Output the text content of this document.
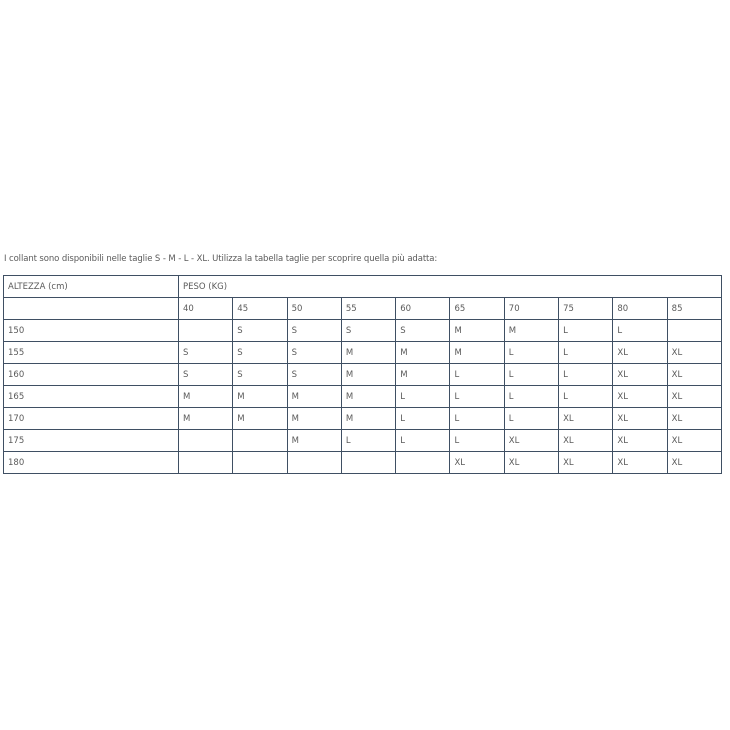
I collant sono disponibili nelle taglie S - M - L - XL. Utilizza la tabella taglie per scoprire quella più adatta:
ALTEZZA (cm)	PESO (KG)									
	40	45	50	55	60	65	70	75	80	85
150		S	S	S	S	M	M	L	L	
155	S	S	S	M	M	M	L	L	XL	XL
160	S	S	S	M	M	L	L	L	XL	XL
165	M	M	M	M	L	L	L	L	XL	XL
170	M	M	M	M	L	L	L	XL	XL	XL
175			M	L	L	L	XL	XL	XL	XL
180						XL	XL	XL	XL	XL
